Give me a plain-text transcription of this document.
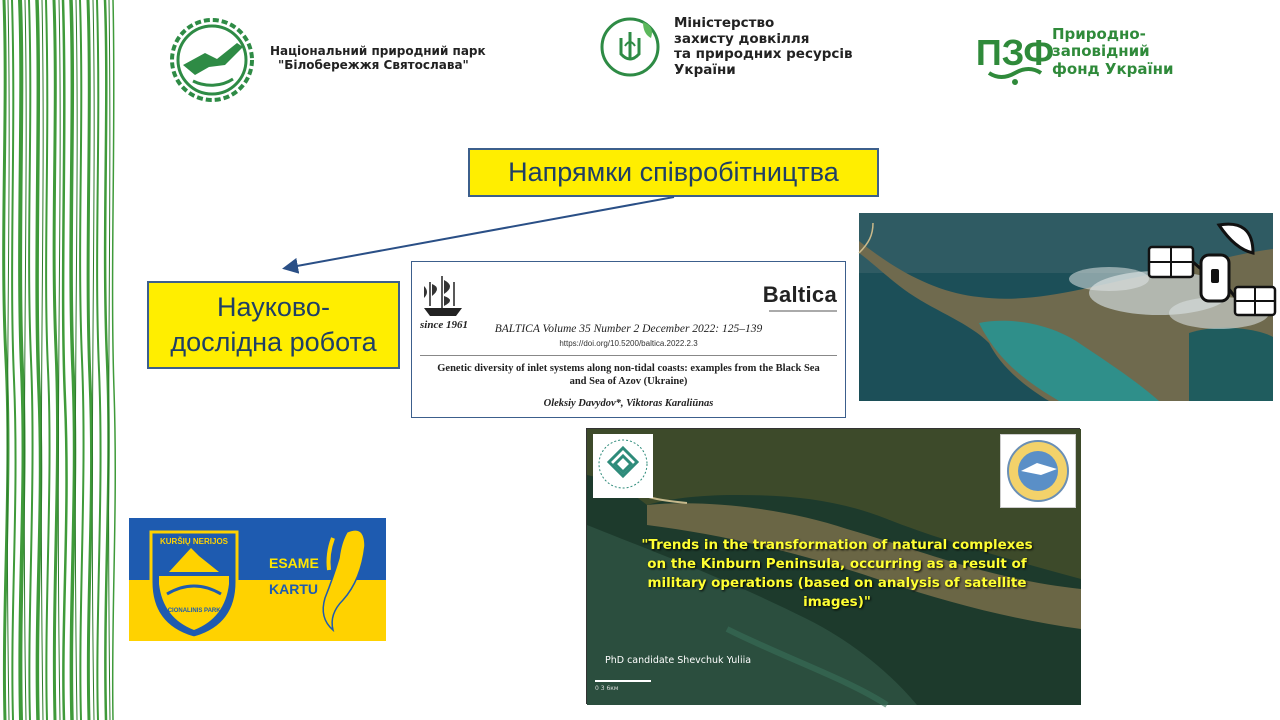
Національний природний парк
"Білобережжя Святослава"
Міністерство
захисту довкілля
та природних ресурсів
України	ПЗФ
Природно-
заповідний
фонд України
Напрямки співробітництва
Науково-
дослідна робота
since 1961
Baltica
BALTICA Volume 35 Number 2 December 2022: 125–139
https://doi.org/10.5200/baltica.2022.2.3
Genetic diversity of inlet systems along non-tidal coasts: examples from the Black Sea and Sea of Azov (Ukraine)
Oleksiy Davydov*, Viktoras Karaliūnas
KURŠIŲ NERIJOS
NACIONALINIS PARKAS
ESAME
KARTU
"Trends in the transformation of natural complexes on the Kinburn Peninsula, occurring as a result of military operations (based on analysis of satellite images)"
PhD candidate Shevchuk Yuliia
0 3 6км
